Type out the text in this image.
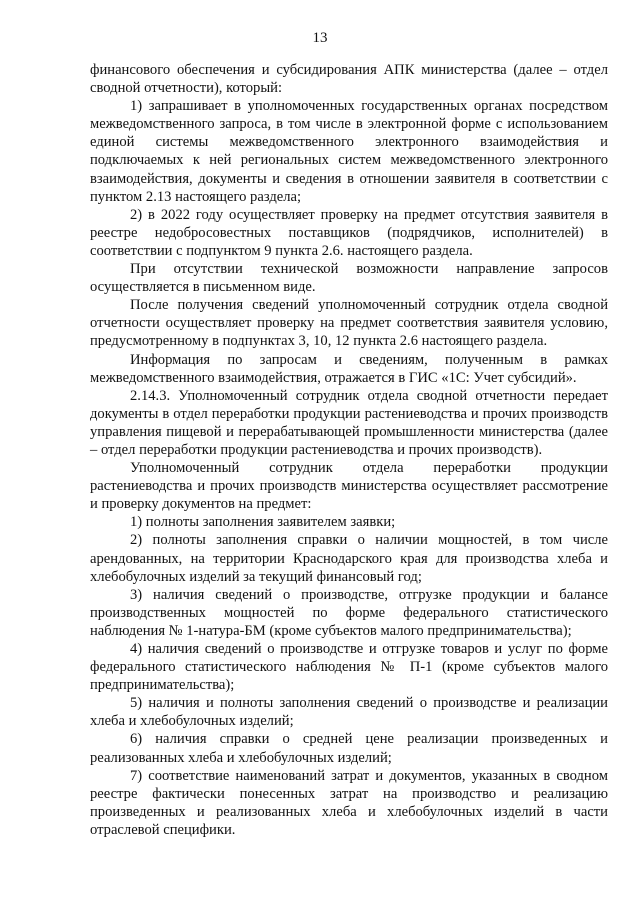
13

финансового обеспечения и субсидирования АПК министерства (далее – отдел сводной отчетности), который:

1) запрашивает в уполномоченных государственных органах посредством межведомственного запроса, в том числе в электронной форме с использованием единой системы межведомственного электронного взаимодействия и подключаемых к ней региональных систем межведомственного электронного взаимодействия, документы и сведения в отношении заявителя в соответствии с пунктом 2.13 настоящего раздела;

2) в 2022 году осуществляет проверку на предмет отсутствия заявителя в реестре недобросовестных поставщиков (подрядчиков, исполнителей) в соответствии с подпунктом 9 пункта 2.6. настоящего раздела.

При отсутствии технической возможности направление запросов осуществляется в письменном виде.

После получения сведений уполномоченный сотрудник отдела сводной отчетности осуществляет проверку на предмет соответствия заявителя условию, предусмотренному в подпунктах 3, 10, 12 пункта 2.6 настоящего раздела.

Информация по запросам и сведениям, полученным в рамках межведомственного взаимодействия, отражается в ГИС «1С: Учет субсидий».

2.14.3. Уполномоченный сотрудник отдела сводной отчетности передает документы в отдел переработки продукции растениеводства и прочих производств управления пищевой и перерабатывающей промышленности министерства (далее – отдел переработки продукции растениеводства и прочих производств).

Уполномоченный сотрудник отдела переработки продукции растениеводства и прочих производств министерства осуществляет рассмотрение и проверку документов на предмет:

1) полноты заполнения заявителем заявки;

2) полноты заполнения справки о наличии мощностей, в том числе арендованных, на территории Краснодарского края для производства хлеба и хлебобулочных изделий за текущий финансовый год;

3) наличия сведений о производстве, отгрузке продукции и балансе производственных мощностей по форме федерального статистического наблюдения № 1-натура-БМ (кроме субъектов малого предпринимательства);

4) наличия сведений о производстве и отгрузке товаров и услуг по форме федерального статистического наблюдения № П-1 (кроме субъектов малого предпринимательства);

5) наличия и полноты заполнения сведений о производстве и реализации хлеба и хлебобулочных изделий;

6) наличия справки о средней цене реализации произведенных и реализованных хлеба и хлебобулочных изделий;

7) соответствие наименований затрат и документов, указанных в сводном реестре фактически понесенных затрат на производство и реализацию произведенных и реализованных хлеба и хлебобулочных изделий в части отраслевой специфики.
